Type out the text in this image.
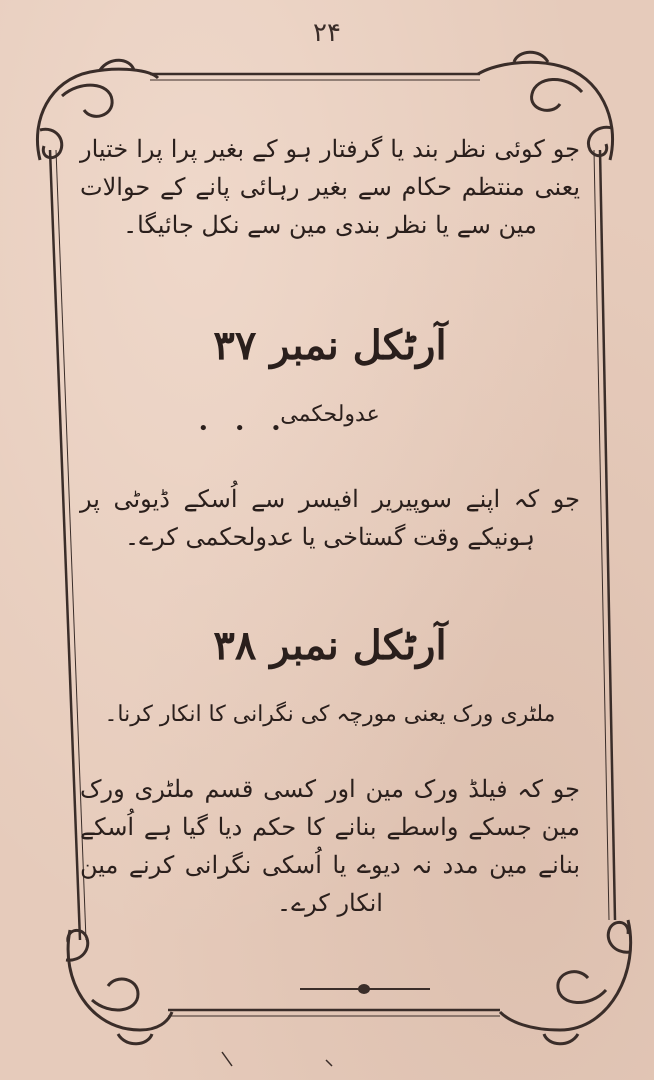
۲۴
جو کوئی نظر بند یا گرفتار ہو کے بغیر پرا پرا ختیار یعنی منتظم حکام سے بغیر رہائی پانے کے حوالات مین سے یا نظر بندی مین سے نکل جائیگا۔
آرٹکل نمبر ۳۷
• • •
عدولحکمی
جو کہ اپنے سوپیریر افیسر سے اُسکے ڈیوٹی پر ہونیکے وقت گستاخی یا عدولحکمی کرے۔
آرٹکل نمبر ۳۸
ملٹری ورک یعنی مورچہ کی نگرانی کا انکار کرنا۔
جو کہ فیلڈ ورک مین اور کسی قسم ملٹری ورک مین جسکے واسطے بنانے کا حکم دیا گیا ہے اُسکے بنانے مین مدد نہ دیوے یا اُسکی نگرانی کرنے مین انکار کرے۔
